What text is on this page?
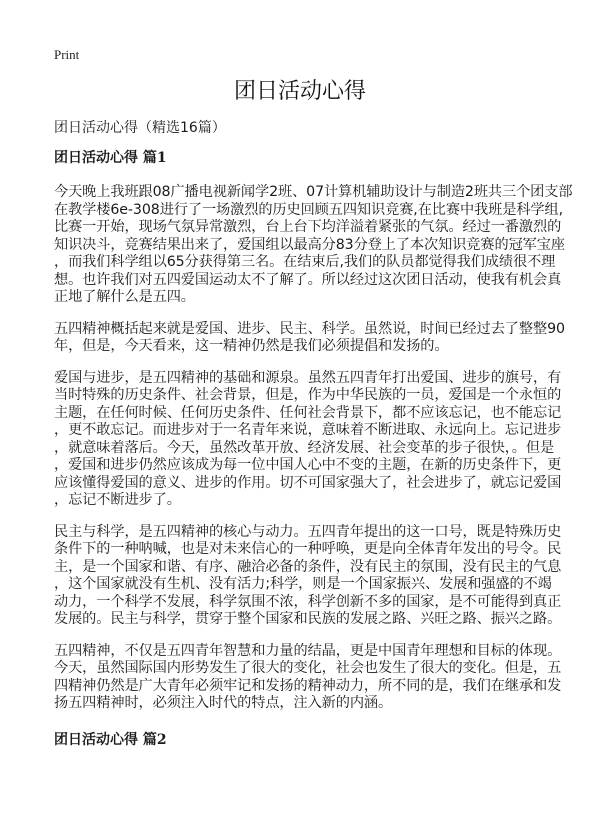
Print
团日活动心得
团日活动心得（精选16篇）
团日活动心得 篇1
今天晚上我班跟08广播电视新闻学2班、07计算机辅助设计与制造2班共三个团支部
在教学楼6e-308进行了一场激烈的历史回顾五四知识竞赛,在比赛中我班是科学组,
比赛一开始，现场气氛异常激烈，台上台下均洋溢着紧张的气氛。经过一番激烈的
知识决斗，竞赛结果出来了，爱国组以最高分83分登上了本次知识竞赛的冠军宝座
，而我们科学组以65分获得第三名。在结束后,我们的队员都觉得我们成绩很不理
想。也许我们对五四爱国运动太不了解了。所以经过这次团日活动，使我有机会真
正地了解什么是五四。
五四精神概括起来就是爱国、进步、民主、科学。虽然说，时间已经过去了整整90
年，但是，今天看来，这一精神仍然是我们必须提倡和发扬的。
爱国与进步，是五四精神的基础和源泉。虽然五四青年打出爱国、进步的旗号，有
当时特殊的历史条件、社会背景，但是，作为中华民族的一员，爱国是一个永恒的
主题，在任何时候、任何历史条件、任何社会背景下，都不应该忘记，也不能忘记
，更不敢忘记。而进步对于一名青年来说，意味着不断进取、永远向上。忘记进步
，就意味着落后。今天，虽然改革开放、经济发展、社会变革的步子很快，。但是
，爱国和进步仍然应该成为每一位中国人心中不变的主题，在新的历史条件下，更
应该懂得爱国的意义、进步的作用。切不可国家强大了，社会进步了，就忘记爱国
，忘记不断进步了。
民主与科学，是五四精神的核心与动力。五四青年提出的这一口号，既是特殊历史
条件下的一种呐喊，也是对未来信心的一种呼唤，更是向全体青年发出的号令。民
主，是一个国家和谐、有序、融洽必备的条件，没有民主的氛围，没有民主的气息
，这个国家就没有生机、没有活力;科学，则是一个国家振兴、发展和强盛的不竭
动力，一个科学不发展，科学氛围不浓，科学创新不多的国家，是不可能得到真正
发展的。民主与科学，贯穿于整个国家和民族的发展之路、兴旺之路、振兴之路。
五四精神，不仅是五四青年智慧和力量的结晶，更是中国青年理想和目标的体现。
今天，虽然国际国内形势发生了很大的变化，社会也发生了很大的变化。但是，五
四精神仍然是广大青年必须牢记和发扬的精神动力，所不同的是，我们在继承和发
扬五四精神时，必须注入时代的特点，注入新的内涵。
团日活动心得 篇2
